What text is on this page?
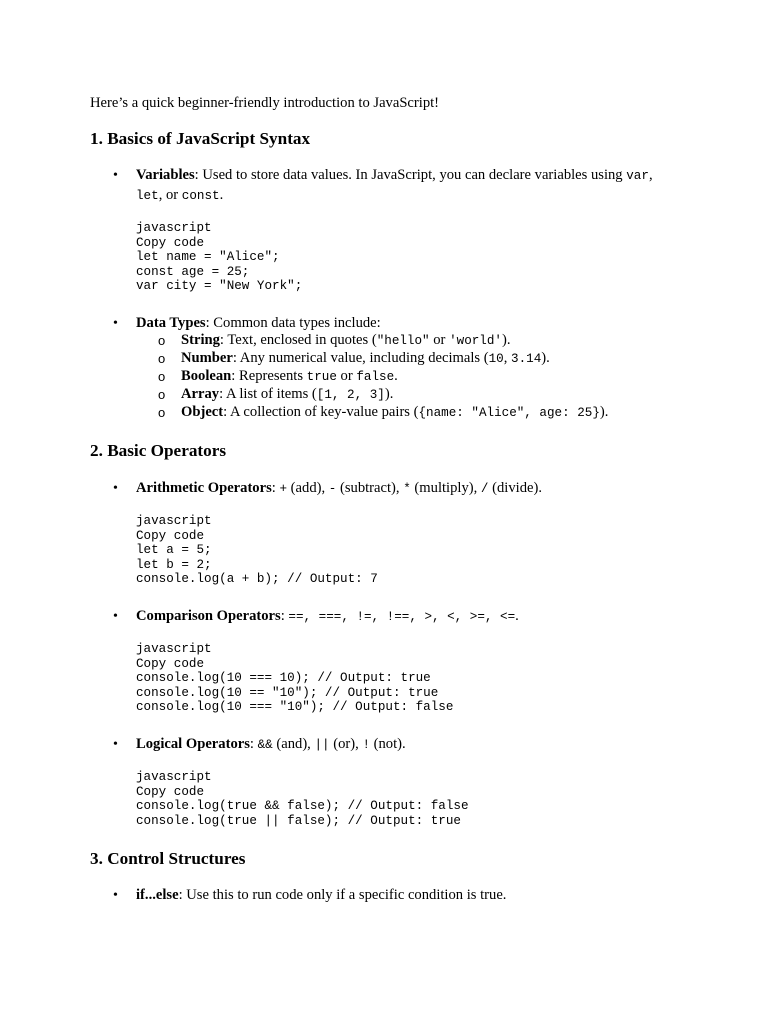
Here’s a quick beginner-friendly introduction to JavaScript!
1. Basics of JavaScript Syntax
• Variables: Used to store data values. In JavaScript, you can declare variables using var,
let, or const.
javascript
Copy code
let name = "Alice";
const age = 25;
var city = "New York";
• Data Types: Common data types include:
o String: Text, enclosed in quotes ("hello" or 'world').
o Number: Any numerical value, including decimals (10, 3.14).
o Boolean: Represents true or false.
o Array: A list of items ([1, 2, 3]).
o Object: A collection of key-value pairs ({name: "Alice", age: 25}).
2. Basic Operators
• Arithmetic Operators: + (add), - (subtract), * (multiply), / (divide).
javascript
Copy code
let a = 5;
let b = 2;
console.log(a + b); // Output: 7
• Comparison Operators: ==, ===, !=, !==, >, <, >=, <=.
javascript
Copy code
console.log(10 === 10); // Output: true
console.log(10 == "10"); // Output: true
console.log(10 === "10"); // Output: false
• Logical Operators: && (and), || (or), ! (not).
javascript
Copy code
console.log(true && false); // Output: false
console.log(true || false); // Output: true
3. Control Structures
• if...else: Use this to run code only if a specific condition is true.
